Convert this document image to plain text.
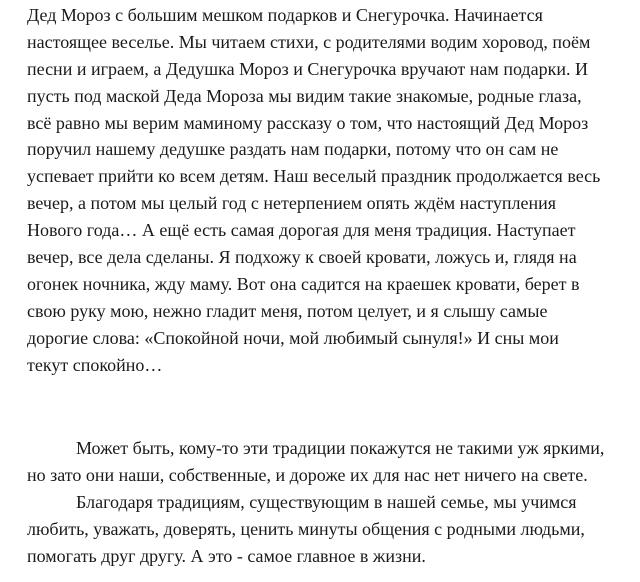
Дед Мороз с большим мешком подарков и Снегурочка. Начинается
настоящее веселье. Мы читаем стихи, с родителями водим хоровод, поём
песни и играем, а Дедушка Мороз и Снегурочка вручают нам подарки. И
пусть под маской Деда Мороза мы видим такие знакомые, родные глаза,
всё равно мы верим маминому рассказу о том, что настоящий Дед Мороз
поручил нашему дедушке раздать нам подарки, потому что он сам не
успевает прийти ко всем детям. Наш веселый праздник продолжается весь
вечер, а потом мы целый год с нетерпением опять ждём наступления
Нового года… А ещё есть самая дорогая для меня традиция. Наступает
вечер, все дела сделаны. Я подхожу к своей кровати, ложусь и, глядя на
огонек ночника, жду маму. Вот она садится на краешек кровати, берет в
свою руку мою, нежно гладит меня, потом целует, и я слышу самые
дорогие слова: «Спокойной ночи, мой любимый сынуля!» И сны мои
текут спокойно…
Может быть, кому-то эти традиции покажутся не такими уж яркими,
но зато они наши, собственные, и дороже их для нас нет ничего на свете.
Благодаря традициям, существующим в нашей семье, мы учимся
любить, уважать, доверять, ценить минуты общения с родными людьми,
помогать друг другу. А это - самое главное в жизни.
